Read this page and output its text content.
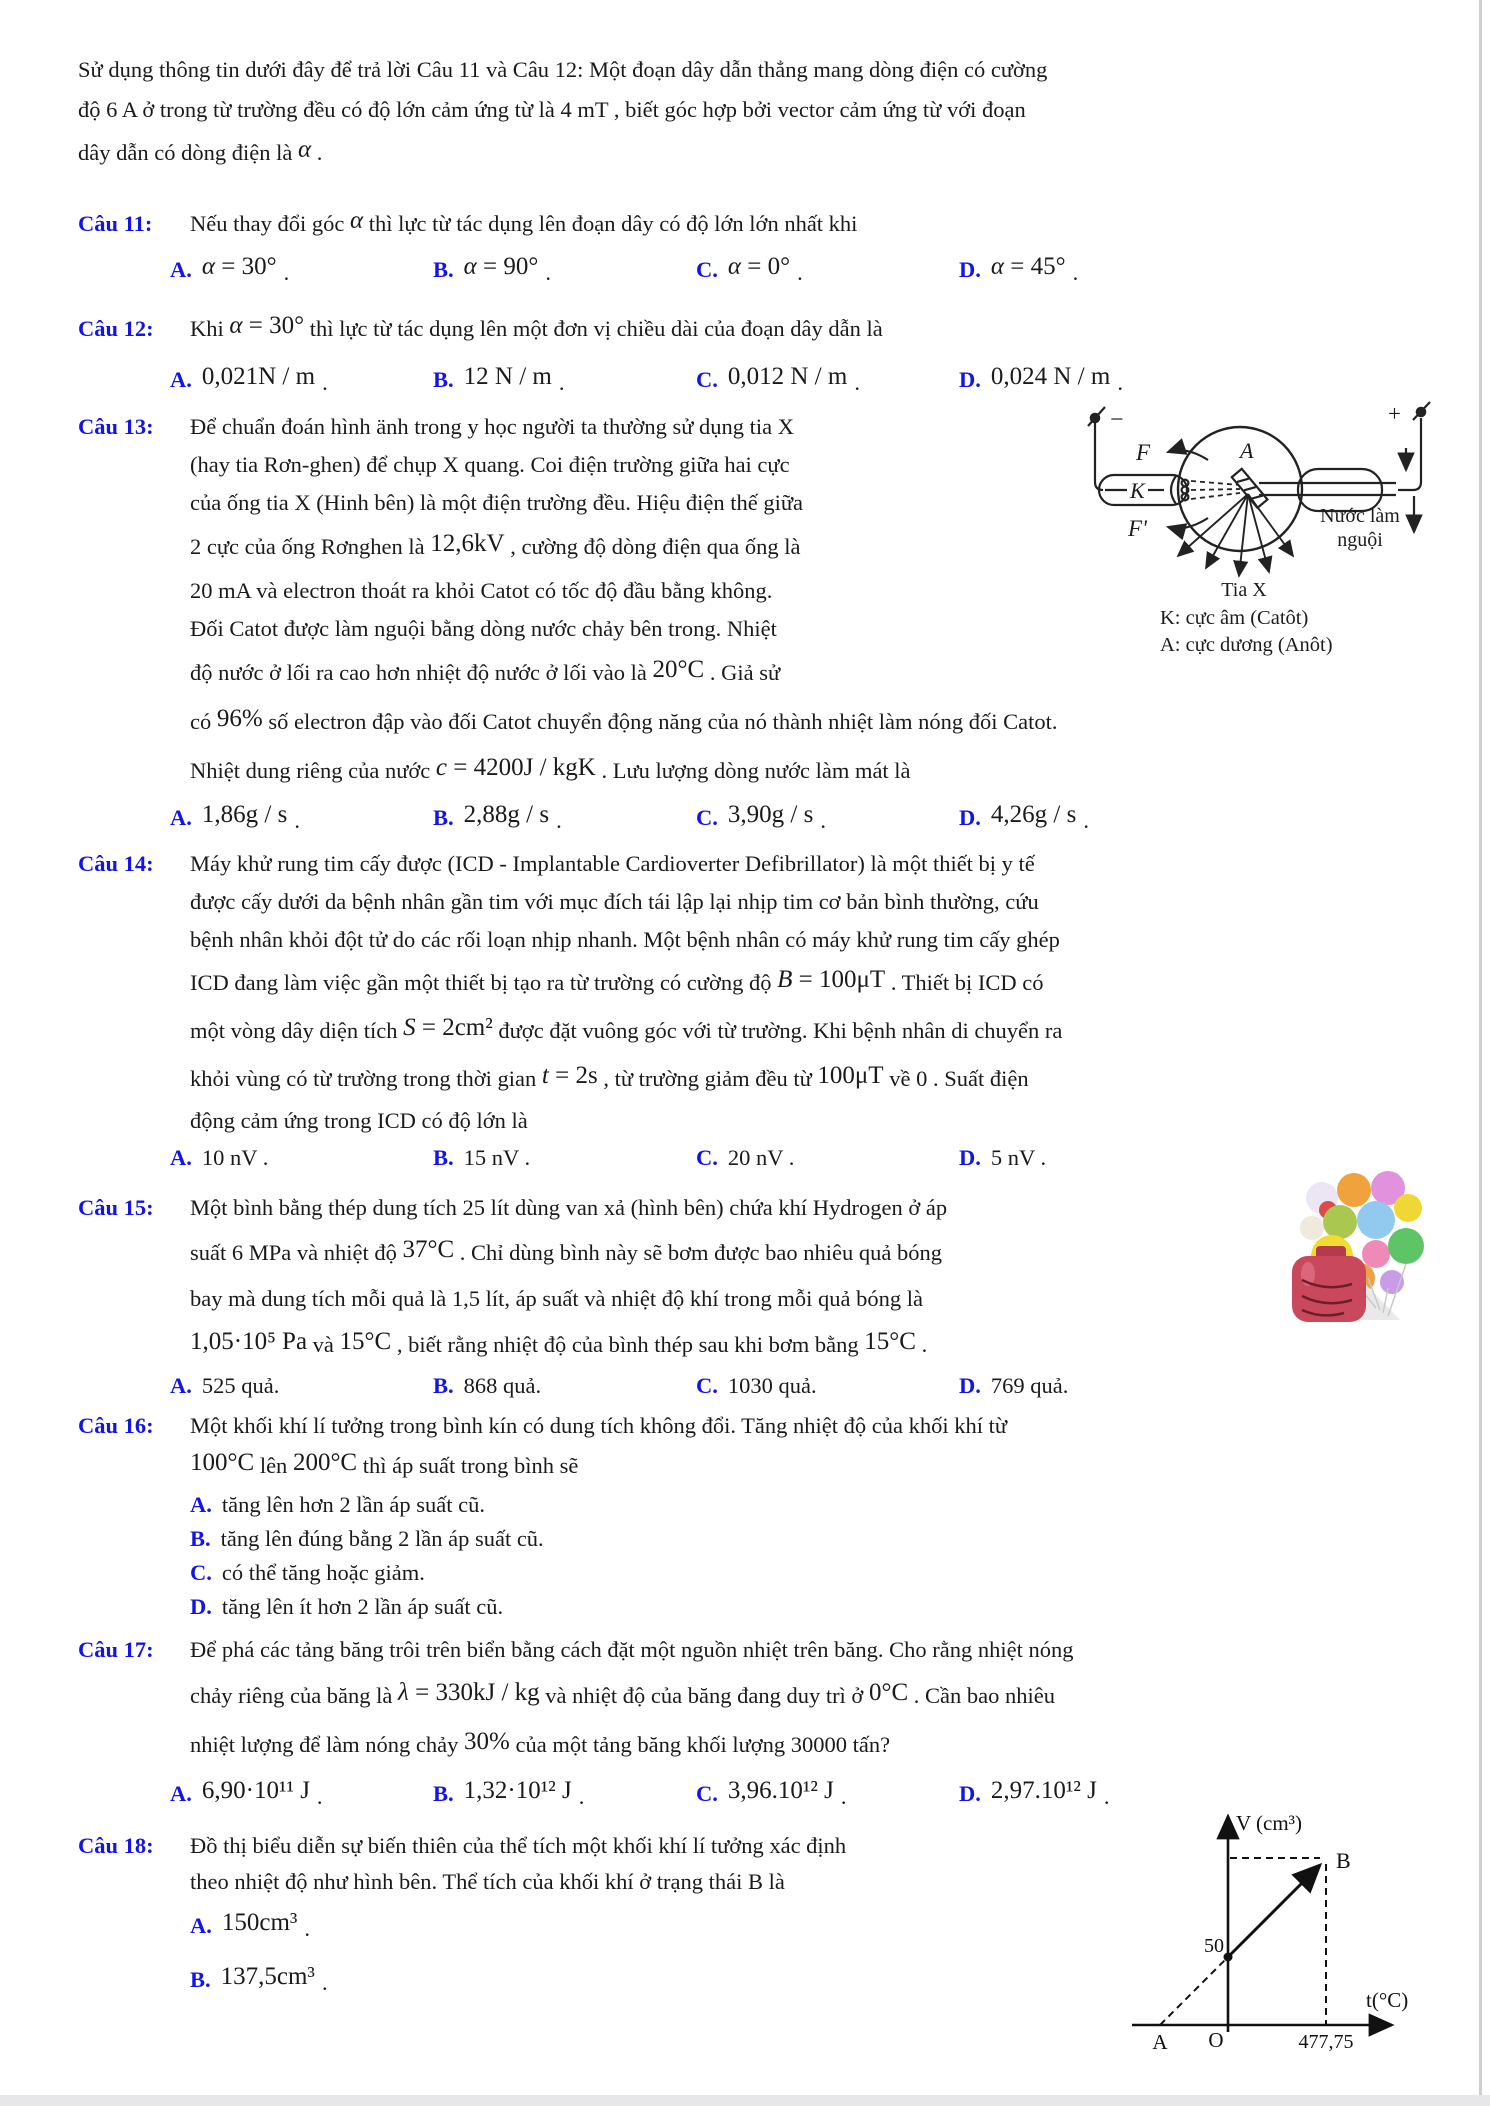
Sử dụng thông tin dưới đây để trả lời Câu 11 và Câu 12: Một đoạn dây dẫn thẳng mang dòng điện có cường
độ 6 A ở trong từ trường đều có độ lớn cảm ứng từ là 4 mT , biết góc hợp bởi vector cảm ứng từ với đoạn
dây dẫn có dòng điện là α .
Câu 11: Nếu thay đổi góc α thì lực từ tác dụng lên đoạn dây có độ lớn lớn nhất khi
A. α = 30° .	B. α = 90° .	C. α = 0° .	D. α = 45° .
Câu 12: Khi α = 30° thì lực từ tác dụng lên một đơn vị chiều dài của đoạn dây dẫn là
A. 0,021N / m .	B. 12 N / m .	C. 0,012 N / m .	D. 0,024 N / m .
Câu 13: Để chuẩn đoán hình änh trong y học người ta thường sử dụng tia X
(hay tia Rơn-ghen) để chụp X quang. Coi điện trường giữa hai cực
của ống tia X (Hinh bên) là một điện trường đều. Hiệu điện thế giữa
2 cực của ống Rơnghen là 12,6kV , cường độ dòng điện qua ống là
20 mA và electron thoát ra khỏi Catot có tốc độ đầu bằng không.
Đối Catot được làm nguội bằng dòng nước chảy bên trong. Nhiệt
độ nước ở lối ra cao hơn nhiệt độ nước ở lối vào là 20°C . Giả sử
có 96% số electron đập vào đối Catot chuyển động năng của nó thành nhiệt làm nóng đối Catot.
Nhiệt dung riêng của nước c = 4200J / kgK . Lưu lượng dòng nước làm mát là
A. 1,86g / s .	B. 2,88g / s .	C. 3,90g / s .	D. 4,26g / s .
−	+
F
F'
K
A
Nước làm
nguội
Tia X
K: cực âm (Catôt)
A: cực dương (Anôt)
Câu 14: Máy khử rung tim cấy được (ICD - Implantable Cardioverter Defibrillator) là một thiết bị y tế
được cấy dưới da bệnh nhân gần tim với mục đích tái lập lại nhịp tim cơ bản bình thường, cứu
bệnh nhân khỏi đột tử do các rối loạn nhịp nhanh. Một bệnh nhân có máy khử rung tim cấy ghép
ICD đang làm việc gần một thiết bị tạo ra từ trường có cường độ B = 100μT . Thiết bị ICD có
một vòng dây diện tích S = 2cm² được đặt vuông góc với từ trường. Khi bệnh nhân di chuyển ra
khỏi vùng có từ trường trong thời gian t = 2s , từ trường giảm đều từ 100μT về 0 . Suất điện
động cảm ứng trong ICD có độ lớn là
A. 10 nV .	B. 15 nV .	C. 20 nV .	D. 5 nV .
Câu 15: Một bình bằng thép dung tích 25 lít dùng van xả (hình bên) chứa khí Hydrogen ở áp
suất 6 MPa và nhiệt độ 37°C . Chỉ dùng bình này sẽ bơm được bao nhiêu quả bóng
bay mà dung tích mỗi quả là 1,5 lít, áp suất và nhiệt độ khí trong mỗi quả bóng là
1,05·10⁵ Pa và 15°C , biết rằng nhiệt độ của bình thép sau khi bơm bằng 15°C .
A. 525 quả.	B. 868 quả.	C. 1030 quả.	D. 769 quả.
Câu 16: Một khối khí lí tưởng trong bình kín có dung tích không đổi. Tăng nhiệt độ của khối khí từ
100°C lên 200°C thì áp suất trong bình sẽ
A. tăng lên hơn 2 lần áp suất cũ.
B. tăng lên đúng bằng 2 lần áp suất cũ.
C. có thể tăng hoặc giảm.
D. tăng lên ít hơn 2 lần áp suất cũ.
Câu 17: Để phá các tảng băng trôi trên biển bằng cách đặt một nguồn nhiệt trên băng. Cho rằng nhiệt nóng
chảy riêng của băng là λ = 330kJ / kg và nhiệt độ của băng đang duy trì ở 0°C . Cần bao nhiêu
nhiệt lượng để làm nóng chảy 30% của một tảng băng khối lượng 30000 tấn?
A. 6,90·10¹¹ J .	B. 1,32·10¹² J .	C. 3,96.10¹² J .	D. 2,97.10¹² J .
Câu 18: Đồ thị biểu diễn sự biến thiên của thể tích một khối khí lí tưởng xác định
theo nhiệt độ như hình bên. Thể tích của khối khí ở trạng thái B là
A. 150cm³ .
B. 137,5cm³ .
V (cm³)
t(°C)
O
A
B
50
477,75
